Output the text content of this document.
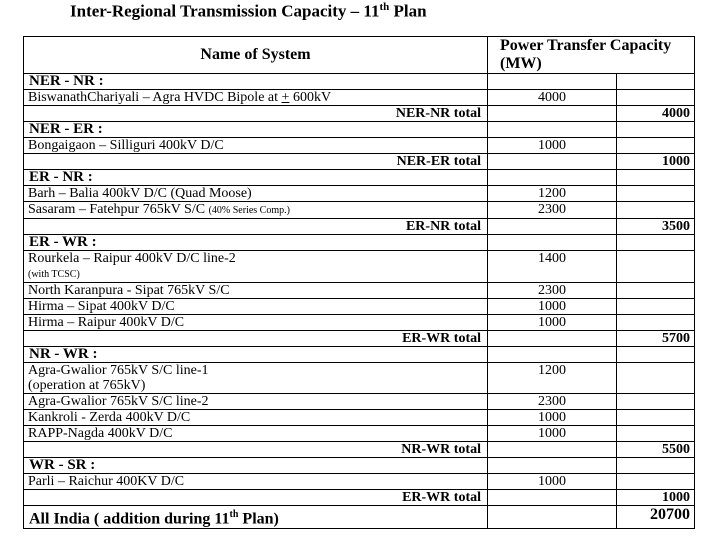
Inter-Regional Transmission Capacity – 11th Plan
Name of System	Power Transfer Capacity (MW)	
NER - NR :		
BiswanathChariyali – Agra HVDC Bipole at + 600kV	4000	
NER-NR total		4000
NER - ER :		
Bongaigaon – Silliguri 400kV D/C	1000	
NER-ER total		1000
ER - NR :		
Barh – Balia 400kV D/C (Quad Moose)	1200	
Sasaram – Fatehpur 765kV S/C (40% Series Comp.)	2300	
ER-NR total		3500
ER - WR :		
Rourkela – Raipur 400kV D/C line-2
(with TCSC)	1400	
North Karanpura - Sipat 765kV S/C	2300	
Hirma – Sipat 400kV D/C	1000	
Hirma – Raipur 400kV D/C	1000	
ER-WR total		5700
NR - WR :		
Agra-Gwalior 765kV S/C line-1
(operation at 765kV)	1200	
Agra-Gwalior 765kV S/C line-2	2300	
Kankroli - Zerda 400kV D/C	1000	
RAPP-Nagda 400kV D/C	1000	
NR-WR total		5500
WR - SR :		
Parli – Raichur 400KV D/C	1000	
ER-WR total		1000
All India ( addition during 11th Plan)		20700
